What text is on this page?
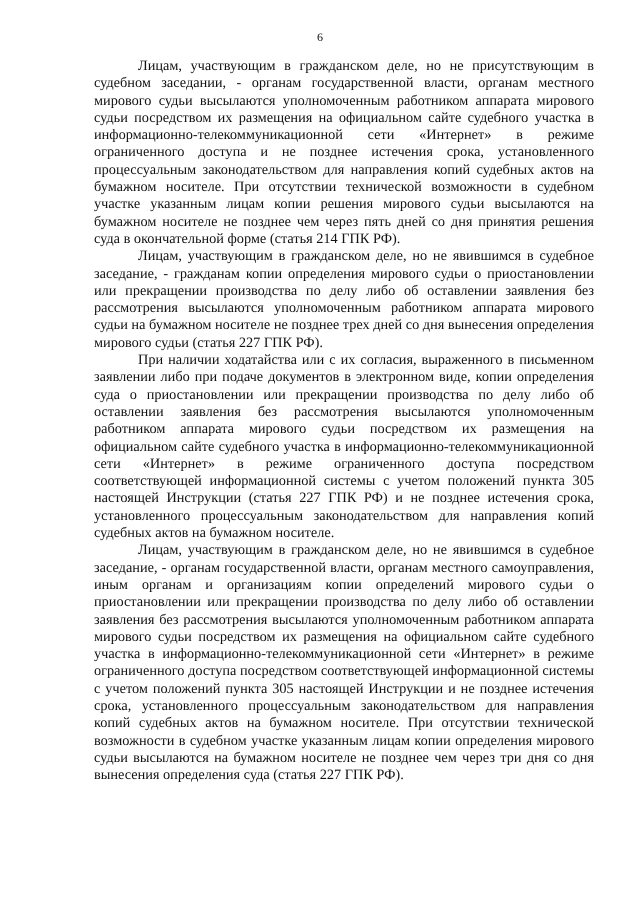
6

Лицам, участвующим в гражданском деле, но не присутствующим в судебном заседании, - органам государственной власти, органам местного мирового судьи высылаются уполномоченным работником аппарата мирового судьи посредством их размещения на официальном сайте судебного участка в информационно-телекоммуникационной сети «Интернет» в режиме ограниченного доступа и не позднее истечения срока, установленного процессуальным законодательством для направления копий судебных актов на бумажном носителе. При отсутствии технической возможности в судебном участке указанным лицам копии решения мирового судьи высылаются на бумажном носителе не позднее чем через пять дней со дня принятия решения суда в окончательной форме (статья 214 ГПК РФ).

Лицам, участвующим в гражданском деле, но не явившимся в судебное заседание, - гражданам копии определения мирового судьи о приостановлении или прекращении производства по делу либо об оставлении заявления без рассмотрения высылаются уполномоченным работником аппарата мирового судьи на бумажном носителе не позднее трех дней со дня вынесения определения мирового судьи (статья 227 ГПК РФ).

При наличии ходатайства или с их согласия, выраженного в письменном заявлении либо при подаче документов в электронном виде, копии определения суда о приостановлении или прекращении производства по делу либо об оставлении заявления без рассмотрения высылаются уполномоченным работником аппарата мирового судьи посредством их размещения на официальном сайте судебного участка в информационно-телекоммуникационной сети «Интернет» в режиме ограниченного доступа посредством соответствующей информационной системы с учетом положений пункта 305 настоящей Инструкции (статья 227 ГПК РФ) и не позднее истечения срока, установленного процессуальным законодательством для направления копий судебных актов на бумажном носителе.

Лицам, участвующим в гражданском деле, но не явившимся в судебное заседание, - органам государственной власти, органам местного самоуправления, иным органам и организациям копии определений мирового судьи о приостановлении или прекращении производства по делу либо об оставлении заявления без рассмотрения высылаются уполномоченным работником аппарата мирового судьи посредством их размещения на официальном сайте судебного участка в информационно-телекоммуникационной сети «Интернет» в режиме ограниченного доступа посредством соответствующей информационной системы с учетом положений пункта 305 настоящей Инструкции и не позднее истечения срока, установленного процессуальным законодательством для направления копий судебных актов на бумажном носителе. При отсутствии технической возможности в судебном участке указанным лицам копии определения мирового судьи высылаются на бумажном носителе не позднее чем через три дня со дня вынесения определения суда (статья 227 ГПК РФ).
